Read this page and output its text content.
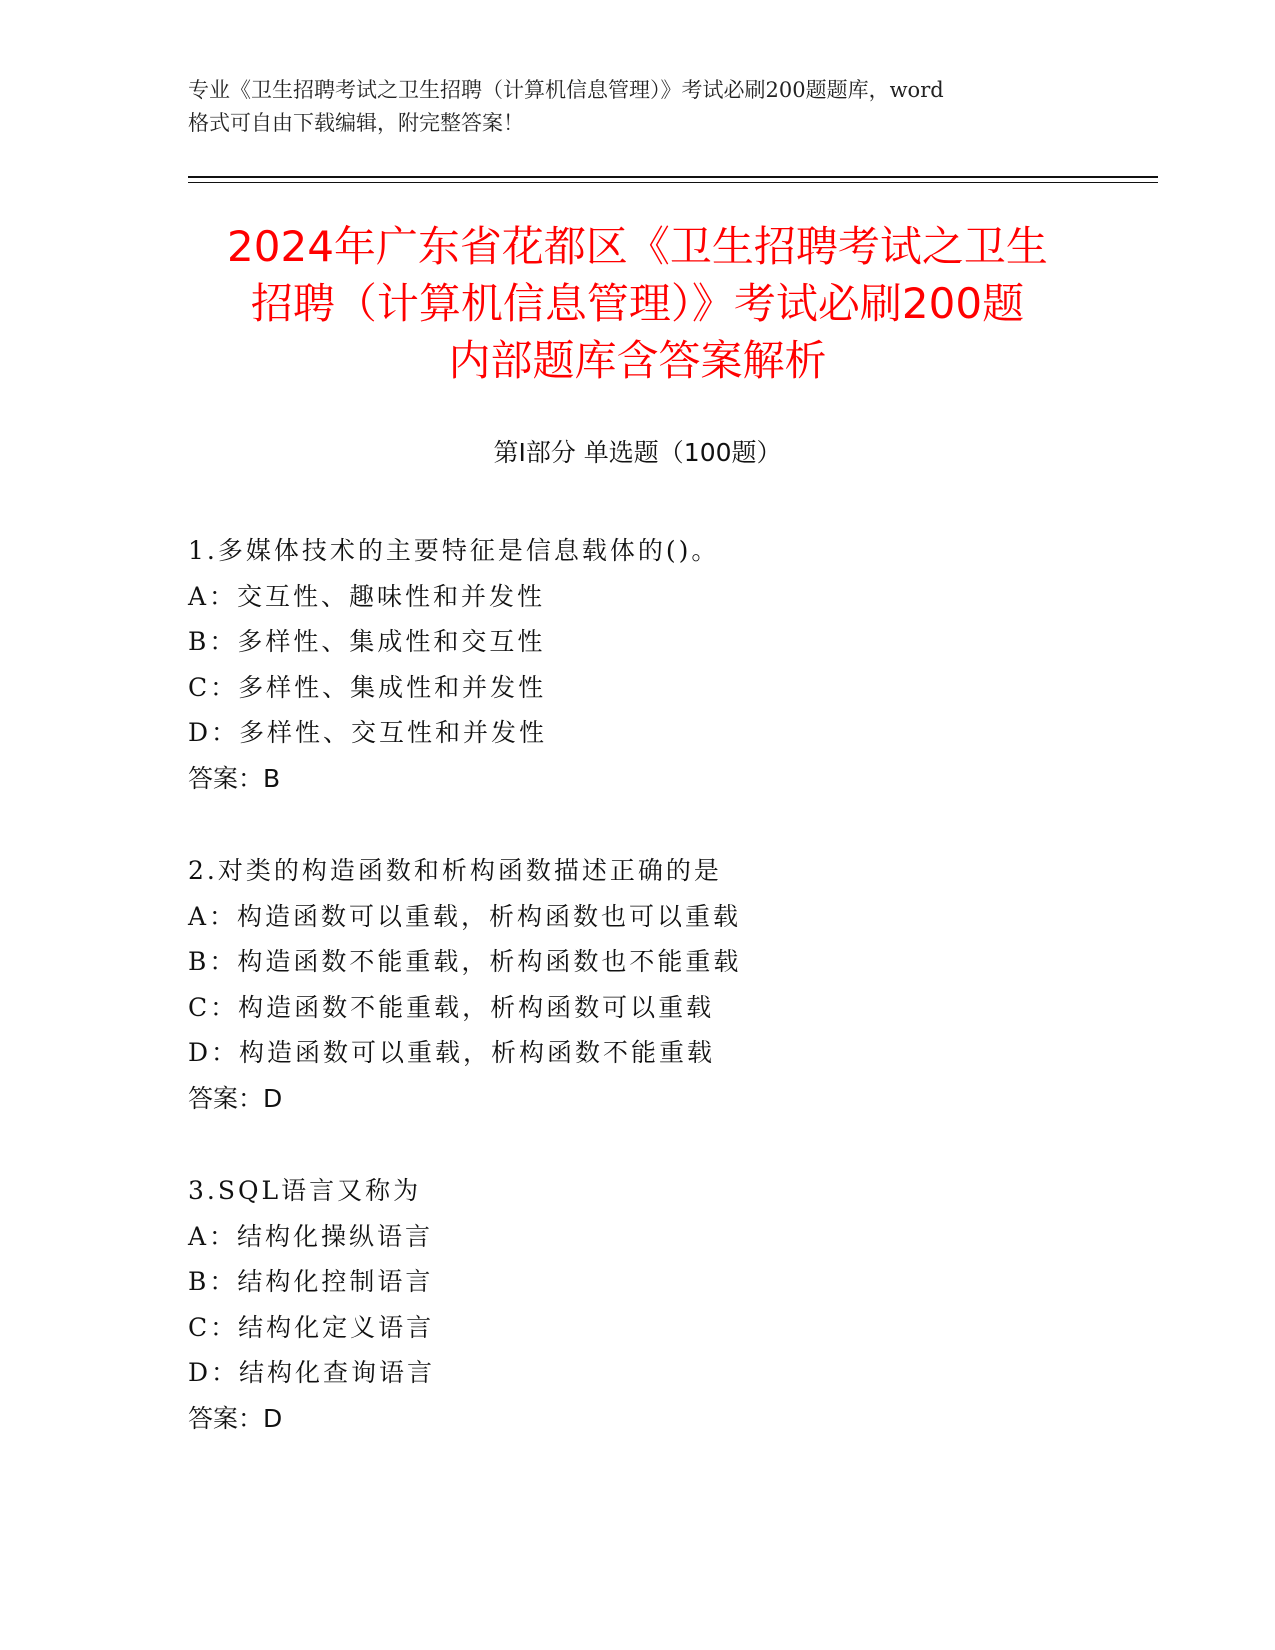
专业《卫生招聘考试之卫生招聘（计算机信息管理）》考试必刷200题题库，word
格式可自由下载编辑，附完整答案！
2024年广东省花都区《卫生招聘考试之卫生
招聘（计算机信息管理）》考试必刷200题
内部题库含答案解析
第Ⅰ部分 单选题（100题）
1.多媒体技术的主要特征是信息载体的()。
A：交互性、趣味性和并发性
B：多样性、集成性和交互性
C：多样性、集成性和并发性
D：多样性、交互性和并发性
答案：B
2.对类的构造函数和析构函数描述正确的是
A：构造函数可以重载，析构函数也可以重载
B：构造函数不能重载，析构函数也不能重载
C：构造函数不能重载，析构函数可以重载
D：构造函数可以重载，析构函数不能重载
答案：D
3.SQL语言又称为
A：结构化操纵语言
B：结构化控制语言
C：结构化定义语言
D：结构化查询语言
答案：D
